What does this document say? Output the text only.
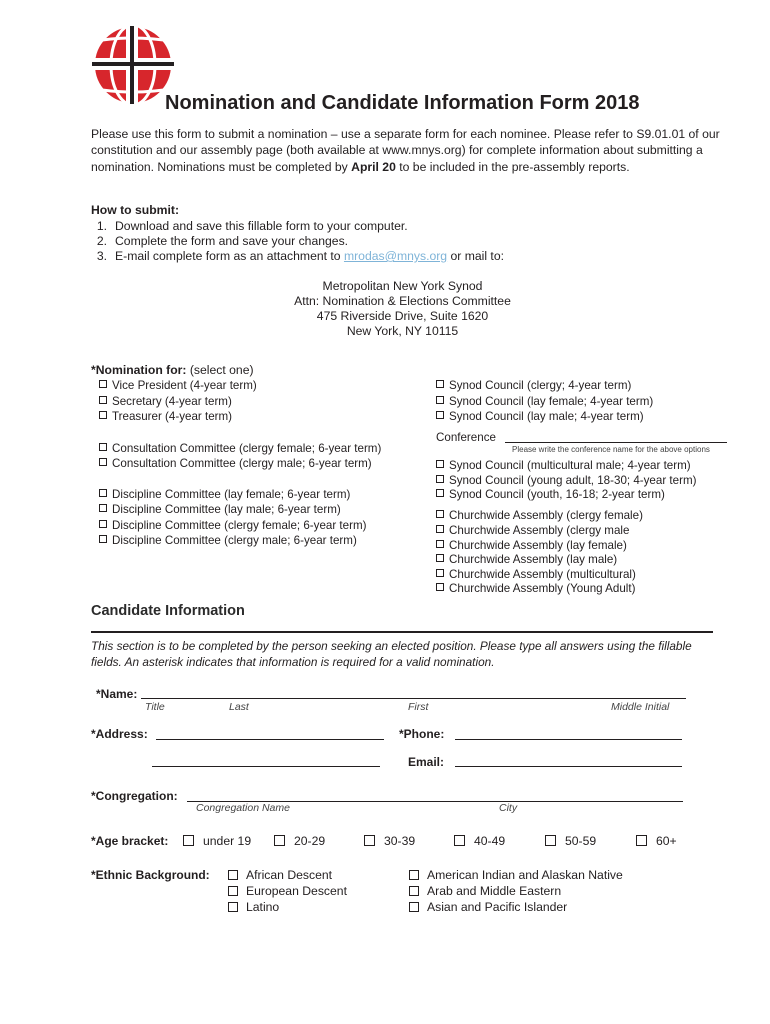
Nomination and Candidate Information Form 2018
Please use this form to submit a nomination – use a separate form for each nominee. Please refer to S9.01.01 of our constitution and our assembly page (both available at www.mnys.org) for complete information about submitting a nomination. Nominations must be completed by April 20 to be included in the pre-assembly reports.
How to submit:
1. Download and save this fillable form to your computer.
2. Complete the form and save your changes.
3. E-mail complete form as an attachment to mrodas@mnys.org or mail to:
Metropolitan New York Synod
Attn: Nomination & Elections Committee
475 Riverside Drive, Suite 1620
New York, NY 10115
*Nomination for: (select one)
Vice President (4-year term)
Secretary (4-year term)
Treasurer (4-year term)
Consultation Committee (clergy female; 6-year term)
Consultation Committee (clergy male; 6-year term)
Discipline Committee (lay female; 6-year term)
Discipline Committee (lay male; 6-year term)
Discipline Committee (clergy female; 6-year term)
Discipline Committee (clergy male; 6-year term)
Synod Council (clergy; 4-year term)
Synod Council (lay female; 4-year term)
Synod Council (lay male; 4-year term)
Conference
Please write the conference name for the above options
Synod Council (multicultural male; 4-year term)
Synod Council (young adult, 18-30; 4-year term)
Synod Council (youth, 16-18; 2-year term)
Churchwide Assembly (clergy female)
Churchwide Assembly (clergy male
Churchwide Assembly (lay female)
Churchwide Assembly (lay male)
Churchwide Assembly (multicultural)
Churchwide Assembly (Young Adult)
Candidate Information
This section is to be completed by the person seeking an elected position. Please type all answers using the fillable fields. An asterisk indicates that information is required for a valid nomination.
*Name:
Title	Last	First	Middle Initial
*Address:	*Phone:
Email:
*Congregation:
Congregation Name	City
*Age bracket:	under 19	20-29	30-39	40-49	50-59	60+
*Ethnic Background:	African Descent
European Descent
Latino
American Indian and Alaskan Native
Arab and Middle Eastern
Asian and Pacific Islander
